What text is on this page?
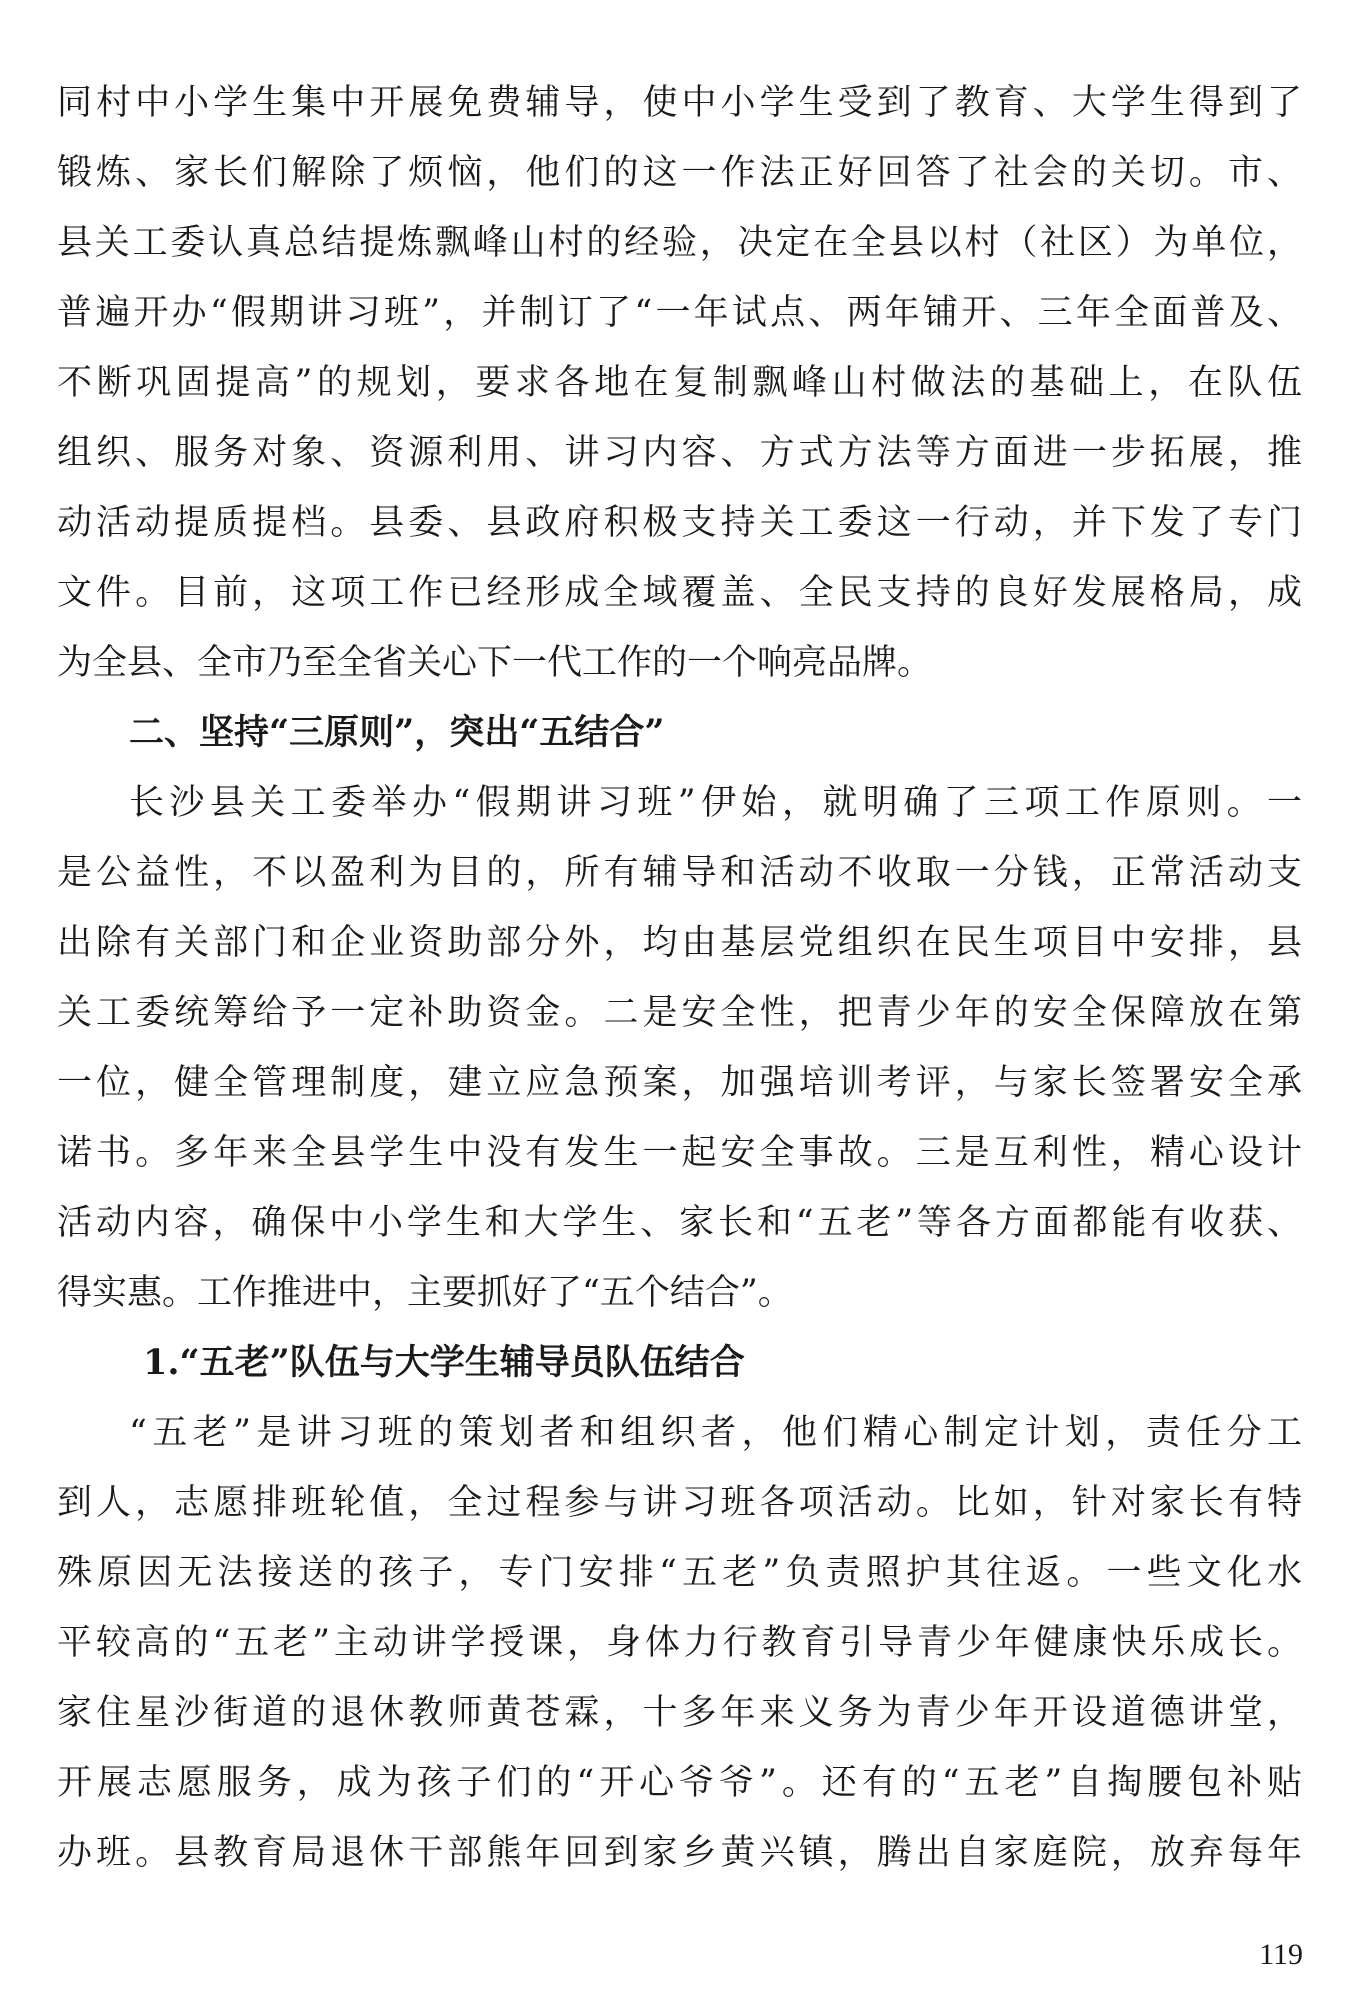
同村中小学生集中开展免费辅导，使中小学生受到了教育、大学生得到了
锻炼、家长们解除了烦恼，他们的这一作法正好回答了社会的关切。市、
县关工委认真总结提炼飘峰山村的经验，决定在全县以村（社区）为单位，
普遍开办“假期讲习班”，并制订了“一年试点、两年铺开、三年全面普及、
不断巩固提高”的规划，要求各地在复制飘峰山村做法的基础上，在队伍
组织、服务对象、资源利用、讲习内容、方式方法等方面进一步拓展，推
动活动提质提档。县委、县政府积极支持关工委这一行动，并下发了专门
文件。目前，这项工作已经形成全域覆盖、全民支持的良好发展格局，成
为全县、全市乃至全省关心下一代工作的一个响亮品牌。
二、坚持“三原则”，突出“五结合”
长沙县关工委举办“假期讲习班”伊始，就明确了三项工作原则。一
是公益性，不以盈利为目的，所有辅导和活动不收取一分钱，正常活动支
出除有关部门和企业资助部分外，均由基层党组织在民生项目中安排，县
关工委统筹给予一定补助资金。二是安全性，把青少年的安全保障放在第
一位，健全管理制度，建立应急预案，加强培训考评，与家长签署安全承
诺书。多年来全县学生中没有发生一起安全事故。三是互利性，精心设计
活动内容，确保中小学生和大学生、家长和“五老”等各方面都能有收获、
得实惠。工作推进中，主要抓好了“五个结合”。
1.“五老”队伍与大学生辅导员队伍结合
“五老”是讲习班的策划者和组织者，他们精心制定计划，责任分工
到人，志愿排班轮值，全过程参与讲习班各项活动。比如，针对家长有特
殊原因无法接送的孩子，专门安排“五老”负责照护其往返。一些文化水
平较高的“五老”主动讲学授课，身体力行教育引导青少年健康快乐成长。
家住星沙街道的退休教师黄苍霖，十多年来义务为青少年开设道德讲堂，
开展志愿服务，成为孩子们的“开心爷爷”。还有的“五老”自掏腰包补贴
办班。县教育局退休干部熊年回到家乡黄兴镇，腾出自家庭院，放弃每年
119
